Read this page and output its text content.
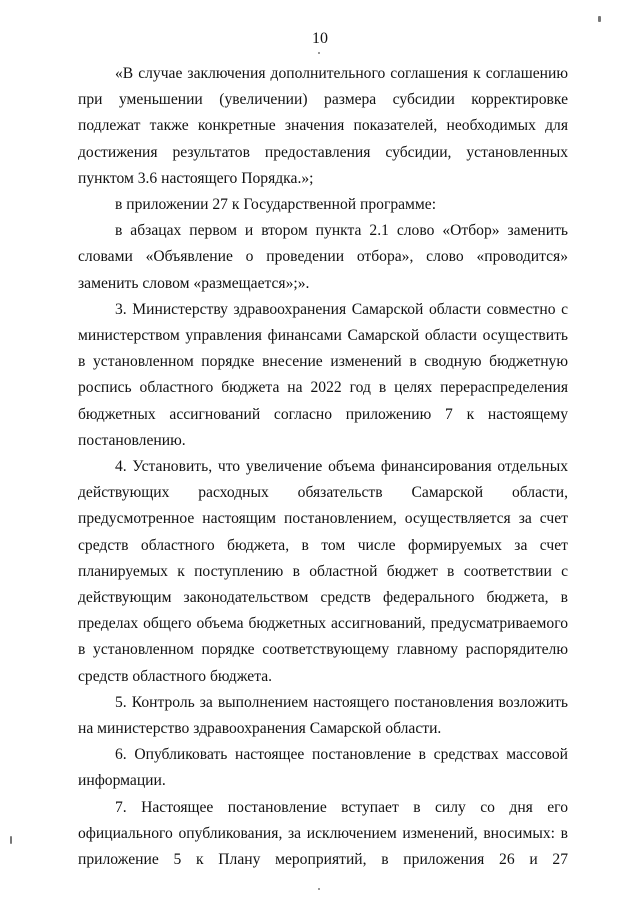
10

«В случае заключения дополнительного соглашения к соглашению при уменьшении (увеличении) размера субсидии корректировке подлежат также конкретные значения показателей, необходимых для достижения результатов предоставления субсидии, установленных пунктом 3.6 настоящего Порядка.»;

в приложении 27 к Государственной программе:

в абзацах первом и втором пункта 2.1 слово «Отбор» заменить словами «Объявление о проведении отбора», слово «проводится» заменить словом «размещается»;».

3. Министерству здравоохранения Самарской области совместно с министерством управления финансами Самарской области осуществить в установленном порядке внесение изменений в сводную бюджетную роспись областного бюджета на 2022 год в целях перераспределения бюджетных ассигнований согласно приложению 7 к настоящему постановлению.

4. Установить, что увеличение объема финансирования отдельных действующих расходных обязательств Самарской области, предусмотренное настоящим постановлением, осуществляется за счет средств областного бюджета, в том числе формируемых за счет планируемых к поступлению в областной бюджет в соответствии с действующим законодательством средств федерального бюджета, в пределах общего объема бюджетных ассигнований, предусматриваемого в установленном порядке соответствующему главному распорядителю средств областного бюджета.

5. Контроль за выполнением настоящего постановления возложить на министерство здравоохранения Самарской области.

6. Опубликовать настоящее постановление в средствах массовой информации.

7. Настоящее постановление вступает в силу со дня его официального опубликования, за исключением изменений, вносимых: в приложение 5 к Плану мероприятий, в приложения 26 и 27
